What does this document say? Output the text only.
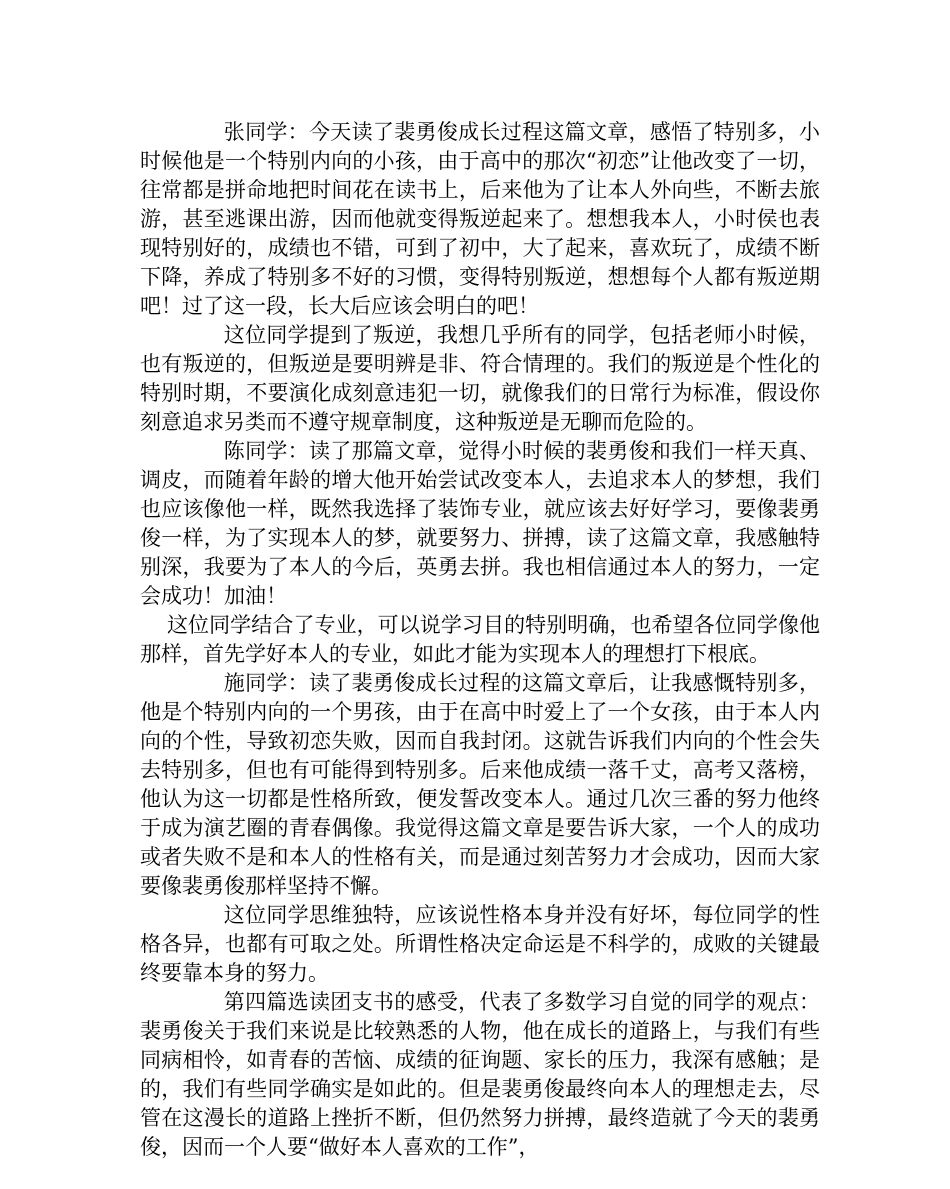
张同学：今天读了裴勇俊成长过程这篇文章，感悟了特别多，小时候他是一个特别内向的小孩，由于高中的那次“初恋”让他改变了一切，往常都是拼命地把时间花在读书上，后来他为了让本人外向些，不断去旅游，甚至逃课出游，因而他就变得叛逆起来了。想想我本人，小时侯也表现特别好的，成绩也不错，可到了初中，大了起来，喜欢玩了，成绩不断下降，养成了特别多不好的习惯，变得特别叛逆，想想每个人都有叛逆期吧！过了这一段，长大后应该会明白的吧！

这位同学提到了叛逆，我想几乎所有的同学，包括老师小时候，也有叛逆的，但叛逆是要明辨是非、符合情理的。我们的叛逆是个性化的特别时期，不要演化成刻意违犯一切，就像我们的日常行为标准，假设你刻意追求另类而不遵守规章制度，这种叛逆是无聊而危险的。

陈同学：读了那篇文章，觉得小时候的裴勇俊和我们一样天真、调皮，而随着年龄的增大他开始尝试改变本人，去追求本人的梦想，我们也应该像他一样，既然我选择了装饰专业，就应该去好好学习，要像裴勇俊一样，为了实现本人的梦，就要努力、拼搏，读了这篇文章，我感触特别深，我要为了本人的今后，英勇去拼。我也相信通过本人的努力，一定会成功！加油！

这位同学结合了专业，可以说学习目的特别明确，也希望各位同学像他那样，首先学好本人的专业，如此才能为实现本人的理想打下根底。

施同学：读了裴勇俊成长过程的这篇文章后，让我感慨特别多，他是个特别内向的一个男孩，由于在高中时爱上了一个女孩，由于本人内向的个性，导致初恋失败，因而自我封闭。这就告诉我们内向的个性会失去特别多，但也有可能得到特别多。后来他成绩一落千丈，高考又落榜，他认为这一切都是性格所致，便发誓改变本人。通过几次三番的努力他终于成为演艺圈的青春偶像。我觉得这篇文章是要告诉大家，一个人的成功或者失败不是和本人的性格有关，而是通过刻苦努力才会成功，因而大家要像裴勇俊那样坚持不懈。

这位同学思维独特，应该说性格本身并没有好坏，每位同学的性格各异，也都有可取之处。所谓性格决定命运是不科学的，成败的关键最终要靠本身的努力。

第四篇选读团支书的感受，代表了多数学习自觉的同学的观点：裴勇俊关于我们来说是比较熟悉的人物，他在成长的道路上，与我们有些同病相怜，如青春的苦恼、成绩的征询题、家长的压力，我深有感触；是的，我们有些同学确实是如此的。但是裴勇俊最终向本人的理想走去，尽管在这漫长的道路上挫折不断，但仍然努力拼搏，最终造就了今天的裴勇俊，因而一个人要“做好本人喜欢的工作”，
